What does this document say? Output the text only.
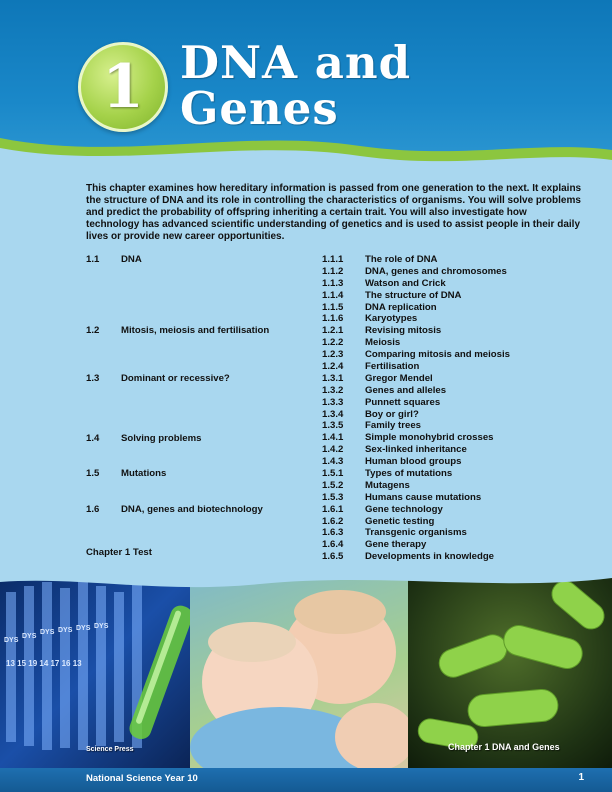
1 DNA and
Genes

This chapter examines how hereditary information is passed from one generation to the next. It explains the structure of DNA and its role in controlling the characteristics of organisms. You will solve problems and predict the probability of offspring inheriting a certain trait. You will also investigate how technology has advanced scientific understanding of genetics and is used to assist people in their daily lives or provide new career opportunities.

1.1 DNA
1.2 Mitosis, meiosis and fertilisation
1.3 Dominant or recessive?
1.4 Solving problems
1.5 Mutations
1.6 DNA, genes and biotechnology
1.1.1 The role of DNA
1.1.2 DNA, genes and chromosomes
1.1.3 Watson and Crick
1.1.4 The structure of DNA
1.1.5 DNA replication
1.1.6 Karyotypes
1.2.1 Revising mitosis
1.2.2 Meiosis
1.2.3 Comparing mitosis and meiosis
1.2.4 Fertilisation
1.3.1 Gregor Mendel
1.3.2 Genes and alleles
1.3.3 Punnett squares
1.3.4 Boy or girl?
1.3.5 Family trees
1.4.1 Simple monohybrid crosses
1.4.2 Sex-linked inheritance
1.4.3 Human blood groups
1.5.1 Types of mutations
1.5.2 Mutagens
1.5.3 Humans cause mutations
1.6.1 Gene technology
1.6.2 Genetic testing
1.6.3 Transgenic organisms
1.6.4 Gene therapy
1.6.5 Developments in knowledge
Chapter 1 Test
DYS
DYS
DYS DYS DYS DYS
13 15 19 14 17 16 13
Science Press	Chapter 1 DNA and Genes
National Science Year 10	1
